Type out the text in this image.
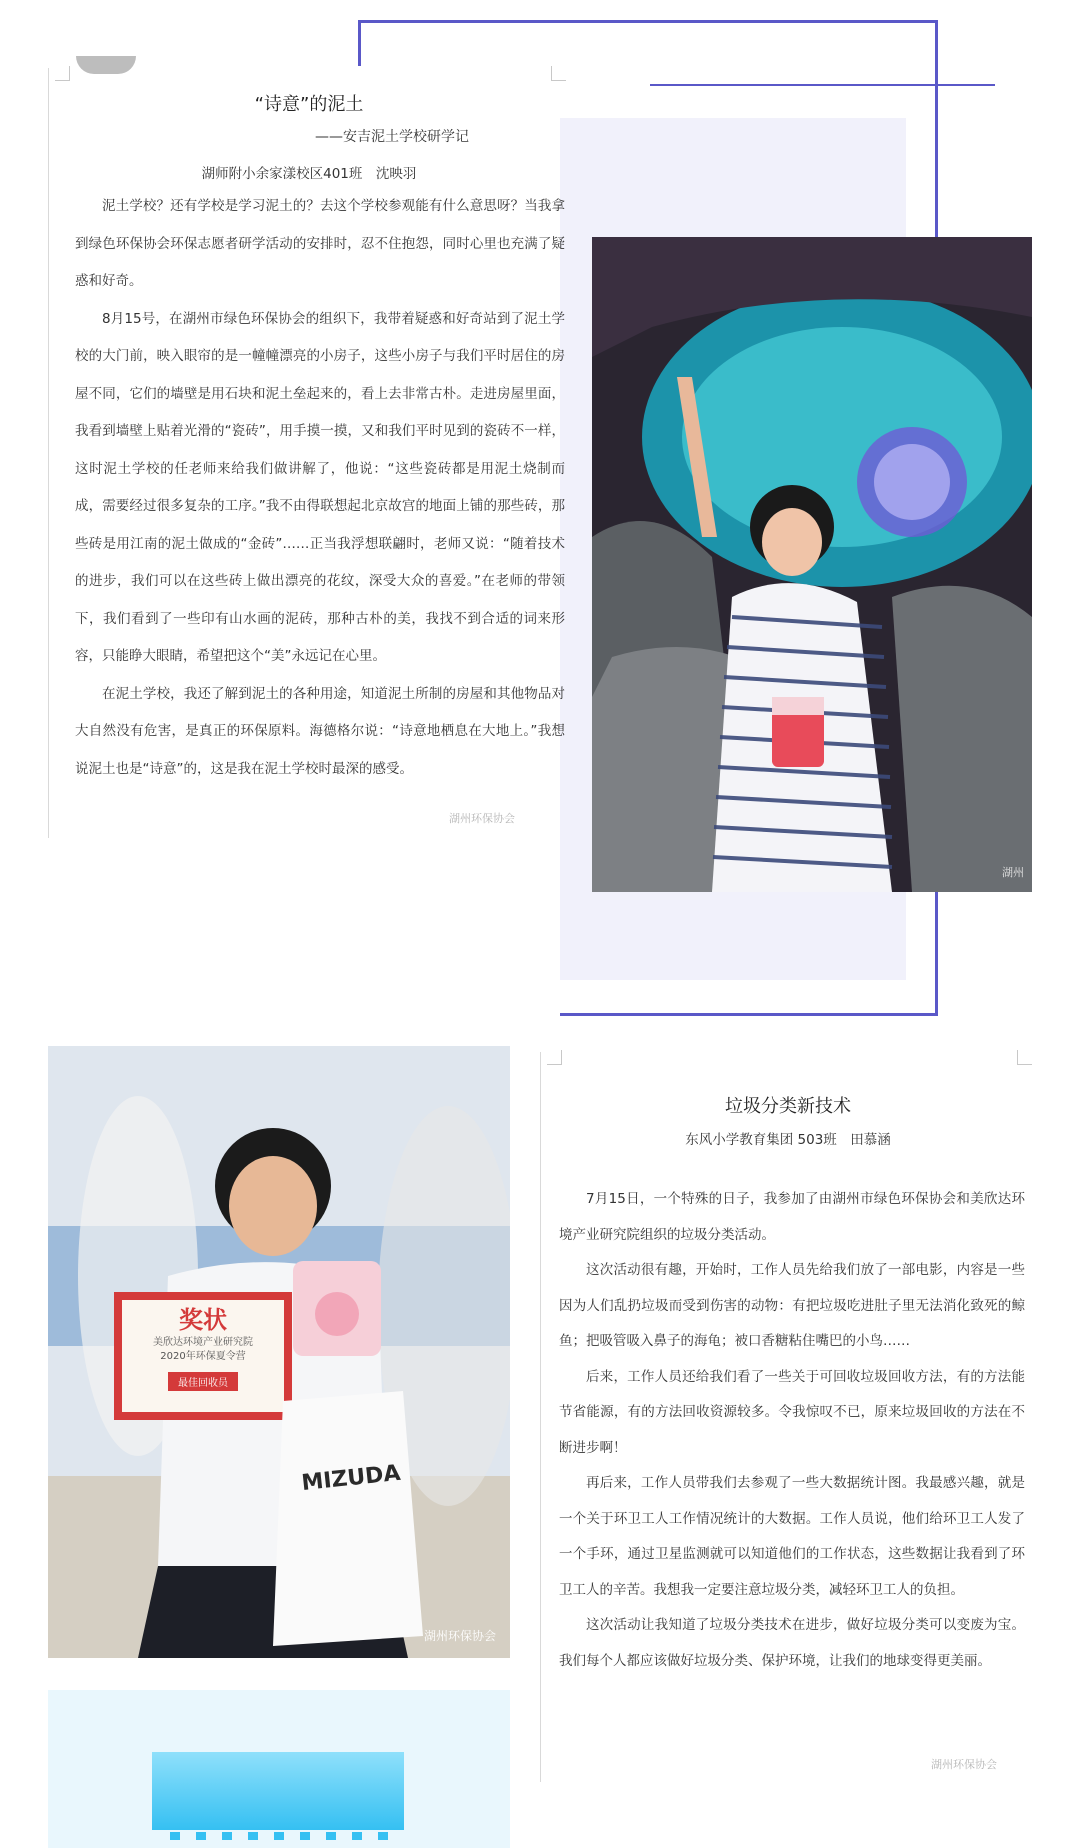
“诗意”的泥土

——安吉泥土学校研学记
湖师附小余家漾校区401班　沈映羽

泥土学校？还有学校是学习泥土的？去这个学校参观能有什么意思呀？当我拿到绿色环保协会环保志愿者研学活动的安排时，忍不住抱怨，同时心里也充满了疑惑和好奇。

8月15号，在湖州市绿色环保协会的组织下，我带着疑惑和好奇站到了泥土学校的大门前，映入眼帘的是一幢幢漂亮的小房子，这些小房子与我们平时居住的房屋不同，它们的墙壁是用石块和泥土垒起来的，看上去非常古朴。走进房屋里面，我看到墙壁上贴着光滑的“瓷砖”，用手摸一摸，又和我们平时见到的瓷砖不一样，这时泥土学校的任老师来给我们做讲解了，他说：“这些瓷砖都是用泥土烧制而成，需要经过很多复杂的工序。”我不由得联想起北京故宫的地面上铺的那些砖，那些砖是用江南的泥土做成的“金砖”……正当我浮想联翩时，老师又说：“随着技术的进步，我们可以在这些砖上做出漂亮的花纹，深受大众的喜爱。”在老师的带领下，我们看到了一些印有山水画的泥砖，那种古朴的美，我找不到合适的词来形容，只能睁大眼睛，希望把这个“美”永远记在心里。

在泥土学校，我还了解到泥土的各种用途，知道泥土所制的房屋和其他物品对大自然没有危害，是真正的环保原料。海德格尔说：“诗意地栖息在大地上。”我想说泥土也是“诗意”的，这是我在泥土学校时最深的感受。

湖州环保协会
湖州
奖状
美欣达环境产业研究院
2020年环保夏令营
最佳回收员
MIZUDA
湖州环保协会
垃圾分类新技术
东风小学教育集团 503班　田慕涵

7月15日，一个特殊的日子，我参加了由湖州市绿色环保协会和美欣达环境产业研究院组织的垃圾分类活动。

这次活动很有趣，开始时，工作人员先给我们放了一部电影，内容是一些因为人们乱扔垃圾而受到伤害的动物：有把垃圾吃进肚子里无法消化致死的鲸鱼；把吸管吸入鼻子的海龟；被口香糖粘住嘴巴的小鸟……

后来，工作人员还给我们看了一些关于可回收垃圾回收方法，有的方法能节省能源，有的方法回收资源较多。令我惊叹不已，原来垃圾回收的方法在不断进步啊！

再后来，工作人员带我们去参观了一些大数据统计图。我最感兴趣，就是一个关于环卫工人工作情况统计的大数据。工作人员说，他们给环卫工人发了一个手环，通过卫星监测就可以知道他们的工作状态，这些数据让我看到了环卫工人的辛苦。我想我一定要注意垃圾分类，减轻环卫工人的负担。

这次活动让我知道了垃圾分类技术在进步，做好垃圾分类可以变废为宝。我们每个人都应该做好垃圾分类、保护环境，让我们的地球变得更美丽。

湖州环保协会
